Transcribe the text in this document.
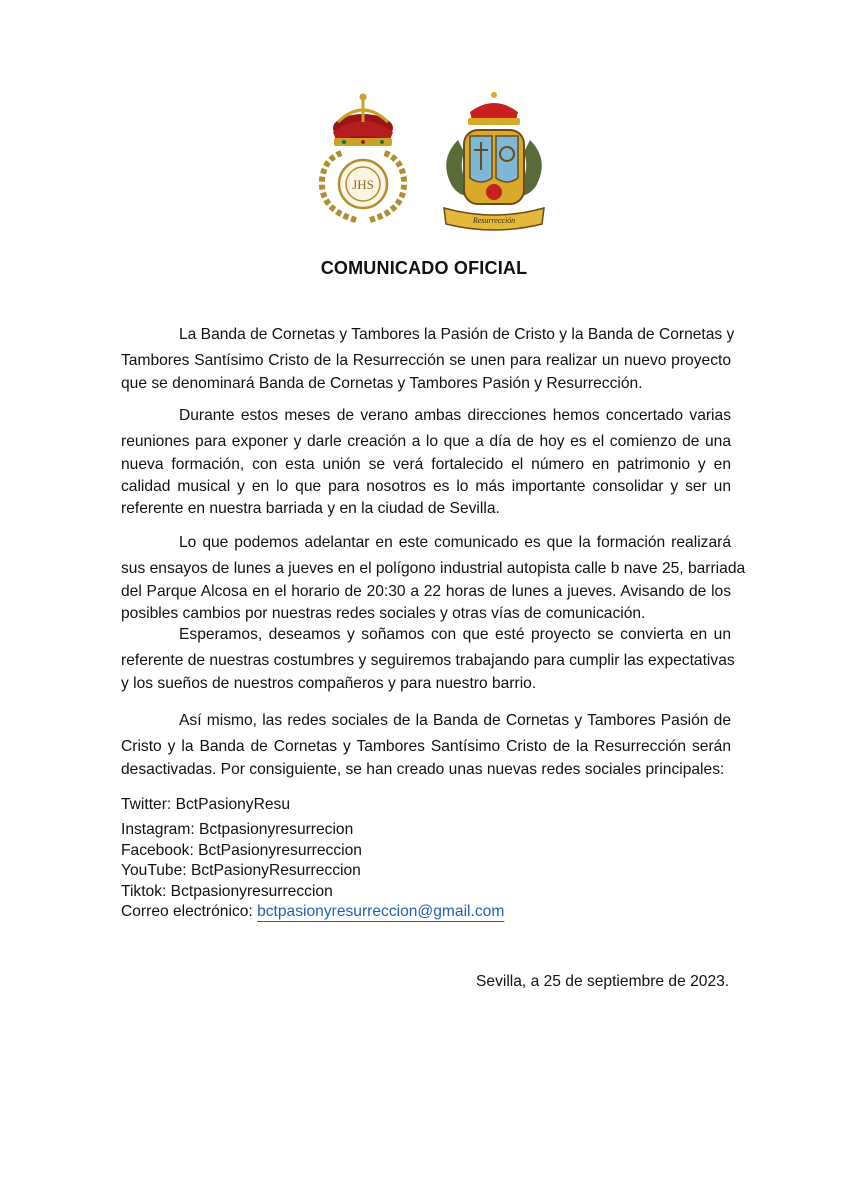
JHS
Resurrección
COMUNICADO OFICIAL
La Banda de Cornetas y Tambores la Pasión de Cristo y la Banda de Cornetas y
Tambores Santísimo Cristo de la Resurrección se unen para realizar un nuevo proyecto
que se denominará Banda de Cornetas y Tambores Pasión y Resurrección.
Durante estos meses de verano ambas direcciones hemos concertado varias
reuniones para exponer y darle creación a lo que a día de hoy es el comienzo de una
nueva formación, con esta unión se verá fortalecido el número en patrimonio y en
calidad musical y en lo que para nosotros es lo más importante consolidar y ser un
referente en nuestra barriada y en la ciudad de Sevilla.
Lo que podemos adelantar en este comunicado es que la formación realizará
sus ensayos de lunes a jueves en el polígono industrial autopista calle b nave 25, barriada
del Parque Alcosa en el horario de 20:30 a 22 horas de lunes a jueves. Avisando de los
posibles cambios por nuestras redes sociales y otras vías de comunicación.
Esperamos, deseamos y soñamos con que esté proyecto se convierta en un
referente de nuestras costumbres y seguiremos trabajando para cumplir las expectativas
y los sueños de nuestros compañeros y para nuestro barrio.
Así mismo, las redes sociales de la Banda de Cornetas y Tambores Pasión de
Cristo y la Banda de Cornetas y Tambores Santísimo Cristo de la Resurrección serán
desactivadas. Por consiguiente, se han creado unas nuevas redes sociales principales:
Twitter: BctPasionyResu
Instagram: Bctpasionyresurrecion
Facebook: BctPasionyresurreccion
YouTube: BctPasionyResurreccion
Tiktok: Bctpasionyresurreccion
Correo electrónico: bctpasionyresurreccion@gmail.com
Sevilla, a 25 de septiembre de 2023.
